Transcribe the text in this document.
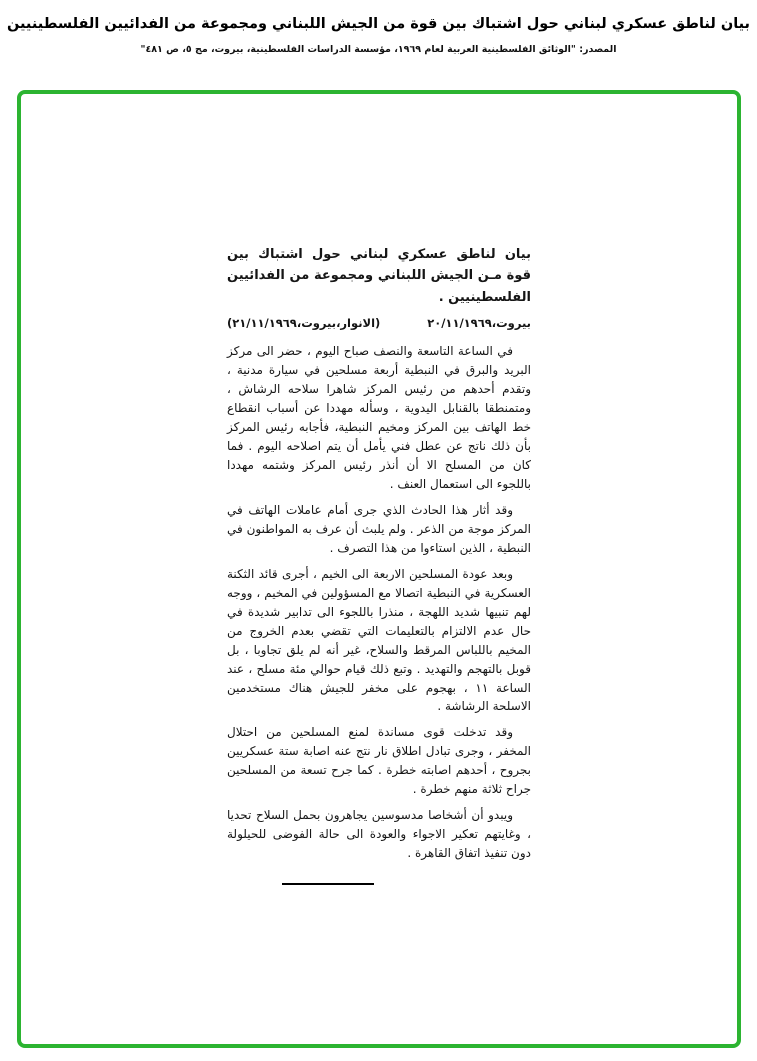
بيان لناطق عسكري لبناني حول اشتباك بين قوة من الجيش اللبناني ومجموعة من الفدائيين الفلسطينيين
المصدر: "الوثائق الفلسطينية العربية لعام ١٩٦٩، مؤسسة الدراسات الفلسطينية، بيروت، مج ٥، ص ٤٨١"

بيان لناطق عسكري لبناني حول اشتباك بين قوة مـن الجيش اللبناني ومجموعة من الفدائيين الفلسطينيين .

بيروت،٢٠/١١/١٩٦٩
(الانوار،بيروت،٢١/١١/١٩٦٩)

في الساعة التاسعة والنصف صباح اليوم ، حضر الى مركز البريد والبرق في النبطية أربعة مسلحين في سيارة مدنية ، وتقدم أحدهم من رئيس المركز شاهرا سلاحه الرشاش ، ومتمنطقا بالقنابل اليدوية ، وسأله مهددا عن أسباب انقطاع خط الهاتف بين المركز ومخيم النبطية، فأجابه رئيس المركز بأن ذلك ناتج عن عطل فني يأمل أن يتم اصلاحه اليوم . فما كان من المسلح الا أن أنذر رئيس المركز وشتمه مهددا باللجوء الى استعمال العنف .

وقد أثار هذا الحادث الذي جرى أمام عاملات الهاتف في المركز موجة من الذعر . ولم يلبث أن عرف به المواطنون في النبطية ، الذين استاءوا من هذا التصرف .

وبعد عودة المسلحين الاربعة الى الخيم ، أجرى قائد الثكنة العسكرية في النبطية اتصالا مع المسؤولين في المخيم ، ووجه لهم تنبيها شديد اللهجة ، منذرا باللجوء الى تدابير شديدة في حال عدم الالتزام بالتعليمات التي تقضي بعدم الخروج من المخيم باللباس المرقط والسلاح، غير أنه لم يلق تجاوبا ، بل قوبل بالتهجم والتهديد . وتبع ذلك قيام حوالي مئة مسلح ، عند الساعة ١١ ، بهجوم على مخفر للجيش هناك مستخدمين الاسلحة الرشاشة .

وقد تدخلت قوى مساندة لمنع المسلحين من احتلال المخفر ، وجرى تبادل اطلاق نار نتج عنه اصابة ستة عسكريين بجروح ، أحدهم اصابته خطرة . كما جرح تسعة من المسلحين جراح ثلاثة منهم خطرة .

ويبدو أن أشخاصا مدسوسين يجاهرون بحمل السلاح تحديا ، وغايتهم تعكير الاجواء والعودة الى حالة الفوضى للحيلولة دون تنفيذ اتفاق القاهرة .
